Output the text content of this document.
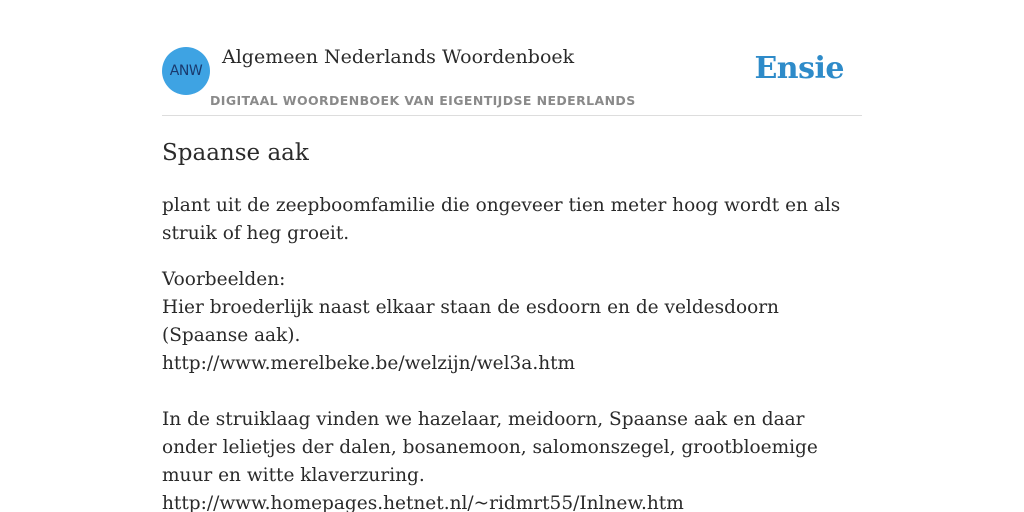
ANW
Algemeen Nederlands Woordenboek
DIGITAAL WOORDENBOEK VAN EIGENTIJDSE NEDERLANDS
Ensie
Spaanse aak

plant uit de zeepboomfamilie die ongeveer tien meter hoog wordt en als struik of heg groeit.

Voorbeelden:

Hier broederlijk naast elkaar staan de esdoorn en de veldesdoorn (Spaanse aak).

http://www.merelbeke.be/welzijn/wel3a.htm

In de struiklaag vinden we hazelaar, meidoorn, Spaanse aak en daar onder lelietjes der dalen, bosanemoon, salomonszegel, grootbloemige muur en witte klaverzuring.

http://www.homepages.hetnet.nl/~ridmrt55/Inlnew.htm
